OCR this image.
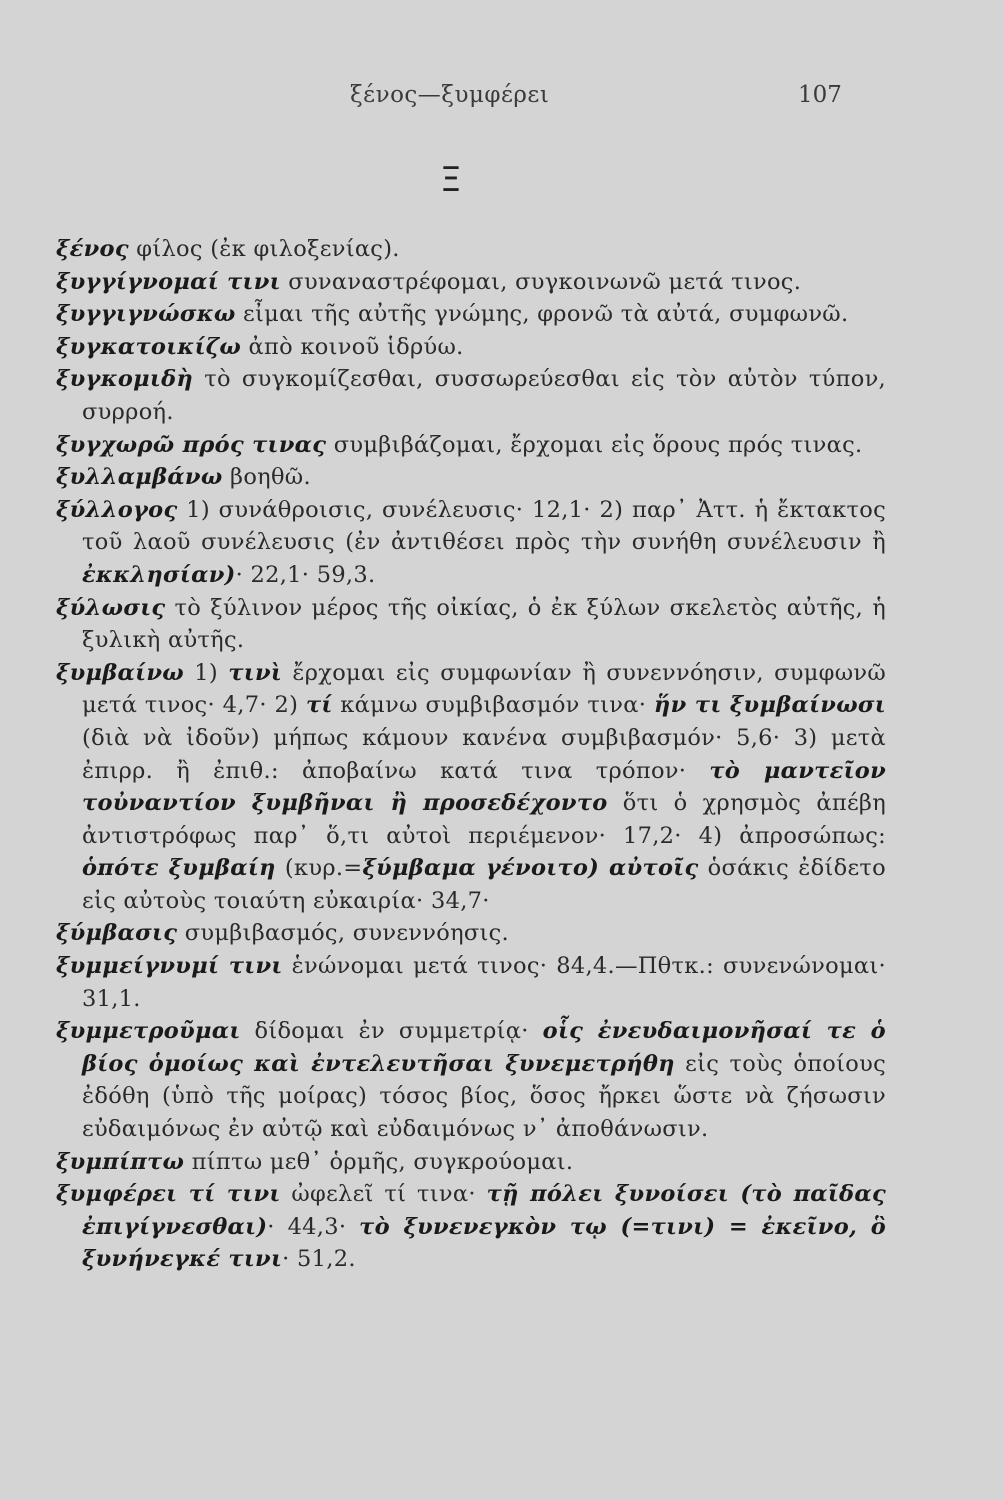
ξένος—ξυμφέρει	107
Ξ

ξένος φίλος (ἐκ φιλοξενίας).

ξυγγίγνομαί τινι συναναστρέφομαι, συγκοινωνῶ μετά τινος.

ξυγγιγνώσκω εἶμαι τῆς αὐτῆς γνώμης, φρονῶ τὰ αὐτά, συμφωνῶ.

ξυγκατοικίζω ἀπὸ κοινοῦ ἱδρύω.

ξυγκομιδὴ τὸ συγκομίζεσθαι, συσσωρεύεσθαι εἰς τὸν αὐτὸν τύπον, συρροή.

ξυγχωρῶ πρός τινας συμβιβάζομαι, ἔρχομαι εἰς ὅρους πρός τινας.

ξυλλαμβάνω βοηθῶ.

ξύλλογος 1) συνάθροισις, συνέλευσις· 12,1· 2) παρ᾿ Ἀττ. ἡ ἔκτακτος τοῦ λαοῦ συνέλευσις (ἐν ἀντιθέσει πρὸς τὴν συνήθη συνέλευσιν ἢ ἐκκλησίαν)· 22,1· 59,3.

ξύλωσις τὸ ξύλινον μέρος τῆς οἰκίας, ὁ ἐκ ξύλων σκελετὸς αὐτῆς, ἡ ξυλικὴ αὐτῆς.

ξυμβαίνω 1) τινὶ ἔρχομαι εἰς συμφωνίαν ἢ συνεννόησιν, συμφωνῶ μετά τινος· 4,7· 2) τί κάμνω συμβιβασμόν τινα· ἥν τι ξυμβαίνωσι (διὰ νὰ ἰδοῦν) μήπως κάμουν κανένα συμβιβασμόν· 5,6· 3) μετὰ ἐπιρρ. ἢ ἐπιθ.: ἀποβαίνω κατά τινα τρόπον· τὸ μαντεῖον τοὐναντίον ξυμβῆναι ἢ προσεδέχοντο ὅτι ὁ χρησμὸς ἀπέβη ἀντιστρόφως παρ᾿ ὅ,τι αὐτοὶ περιέμενον· 17,2· 4) ἀπροσώπως: ὁπότε ξυμβαίη (κυρ.=ξύμβαμα γένοιτο) αὐτοῖς ὁσάκις ἐδίδετο εἰς αὐτοὺς τοιαύτη εὐκαιρία· 34,7·

ξύμβασις συμβιβασμός, συνεννόησις.

ξυμμείγνυμί τινι ἑνώνομαι μετά τινος· 84,4.—Πθτκ.: συνενώνομαι· 31,1.

ξυμμετροῦμαι δίδομαι ἐν συμμετρίᾳ· οἷς ἐνευδαιμονῆσαί τε ὁ βίος ὁμοίως καὶ ἐντελευτῆσαι ξυνεμετρήθη εἰς τοὺς ὁποίους ἐδόθη (ὑπὸ τῆς μοίρας) τόσος βίος, ὅσος ἤρκει ὥστε νὰ ζήσωσιν εὐδαιμόνως ἐν αὐτῷ καὶ εὐδαιμόνως ν᾿ ἀποθάνωσιν.

ξυμπίπτω πίπτω μεθ᾿ ὁρμῆς, συγκρούομαι.

ξυμφέρει τί τινι ὠφελεῖ τί τινα· τῇ πόλει ξυνοίσει (τὸ παῖδας ἐπιγίγνεσθαι)· 44,3· τὸ ξυνενεγκὸν τῳ (=τινι) = ἐκεῖνο, ὃ ξυνήνεγκέ τινι· 51,2.
